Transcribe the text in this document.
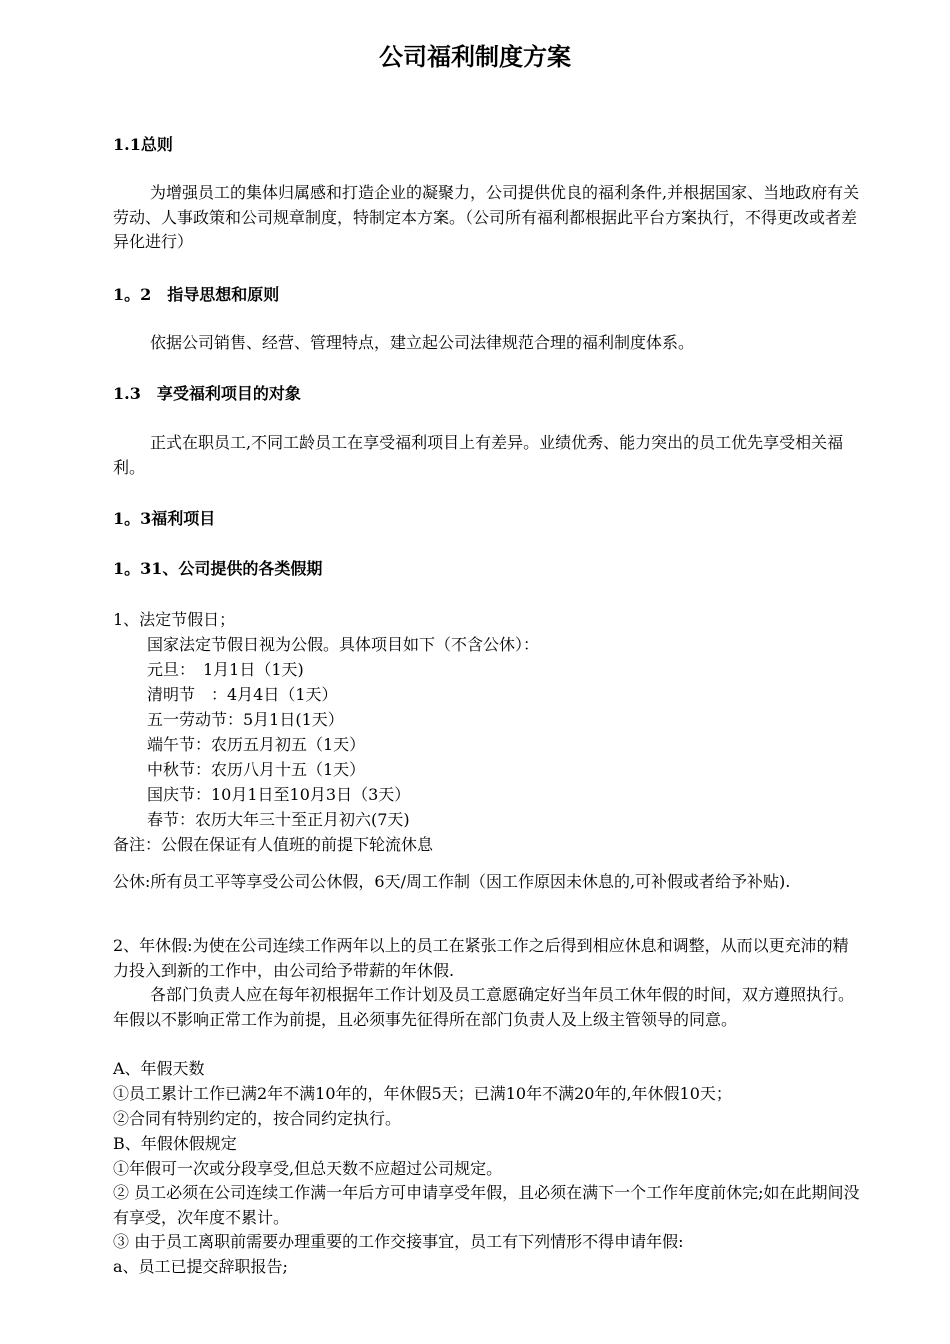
公司福利制度方案
1.1总则

为增强员工的集体归属感和打造企业的凝聚力，公司提供优良的福利条件,并根据国家、当地政府有关劳动、人事政策和公司规章制度，特制定本方案。（公司所有福利都根据此平台方案执行，不得更改或者差异化进行）

1。2　指导思想和原则

依据公司销售、经营、管理特点，建立起公司法律规范合理的福利制度体系。

1.3　享受福利项目的对象

正式在职员工,不同工龄员工在享受福利项目上有差异。业绩优秀、能力突出的员工优先享受相关福利。

1。3福利项目
1。31、公司提供的各类假期
1、法定节假日；
国家法定节假日视为公假。具体项目如下（不含公休）：
元旦：　1月1日（1天)
清明节　：4月4日（1天）
五一劳动节：5月1日(1天）
端午节：农历五月初五（1天）
中秋节：农历八月十五（1天）
国庆节：10月1日至10月3日（3天）
春节：农历大年三十至正月初六(7天)
备注：公假在保证有人值班的前提下轮流休息

公休:所有员工平等享受公司公休假，6天/周工作制（因工作原因未休息的,可补假或者给予补贴).

2、年休假:为使在公司连续工作两年以上的员工在紧张工作之后得到相应休息和调整，从而以更充沛的精力投入到新的工作中，由公司给予带薪的年休假.

各部门负责人应在每年初根据年工作计划及员工意愿确定好当年员工休年假的时间，双方遵照执行。年假以不影响正常工作为前提，且必须事先征得所在部门负责人及上级主管领导的同意。

A、年假天数
①员工累计工作已满2年不满10年的，年休假5天；已满10年不满20年的,年休假10天；
②合同有特别约定的，按合同约定执行。
B、年假休假规定
①年假可一次或分段享受,但总天数不应超过公司规定。

② 员工必须在公司连续工作满一年后方可申请享受年假，且必须在满下一个工作年度前休完;如在此期间没有享受，次年度不累计。

③ 由于员工离职前需要办理重要的工作交接事宜，员工有下列情形不得申请年假:
a、员工已提交辞职报告;
